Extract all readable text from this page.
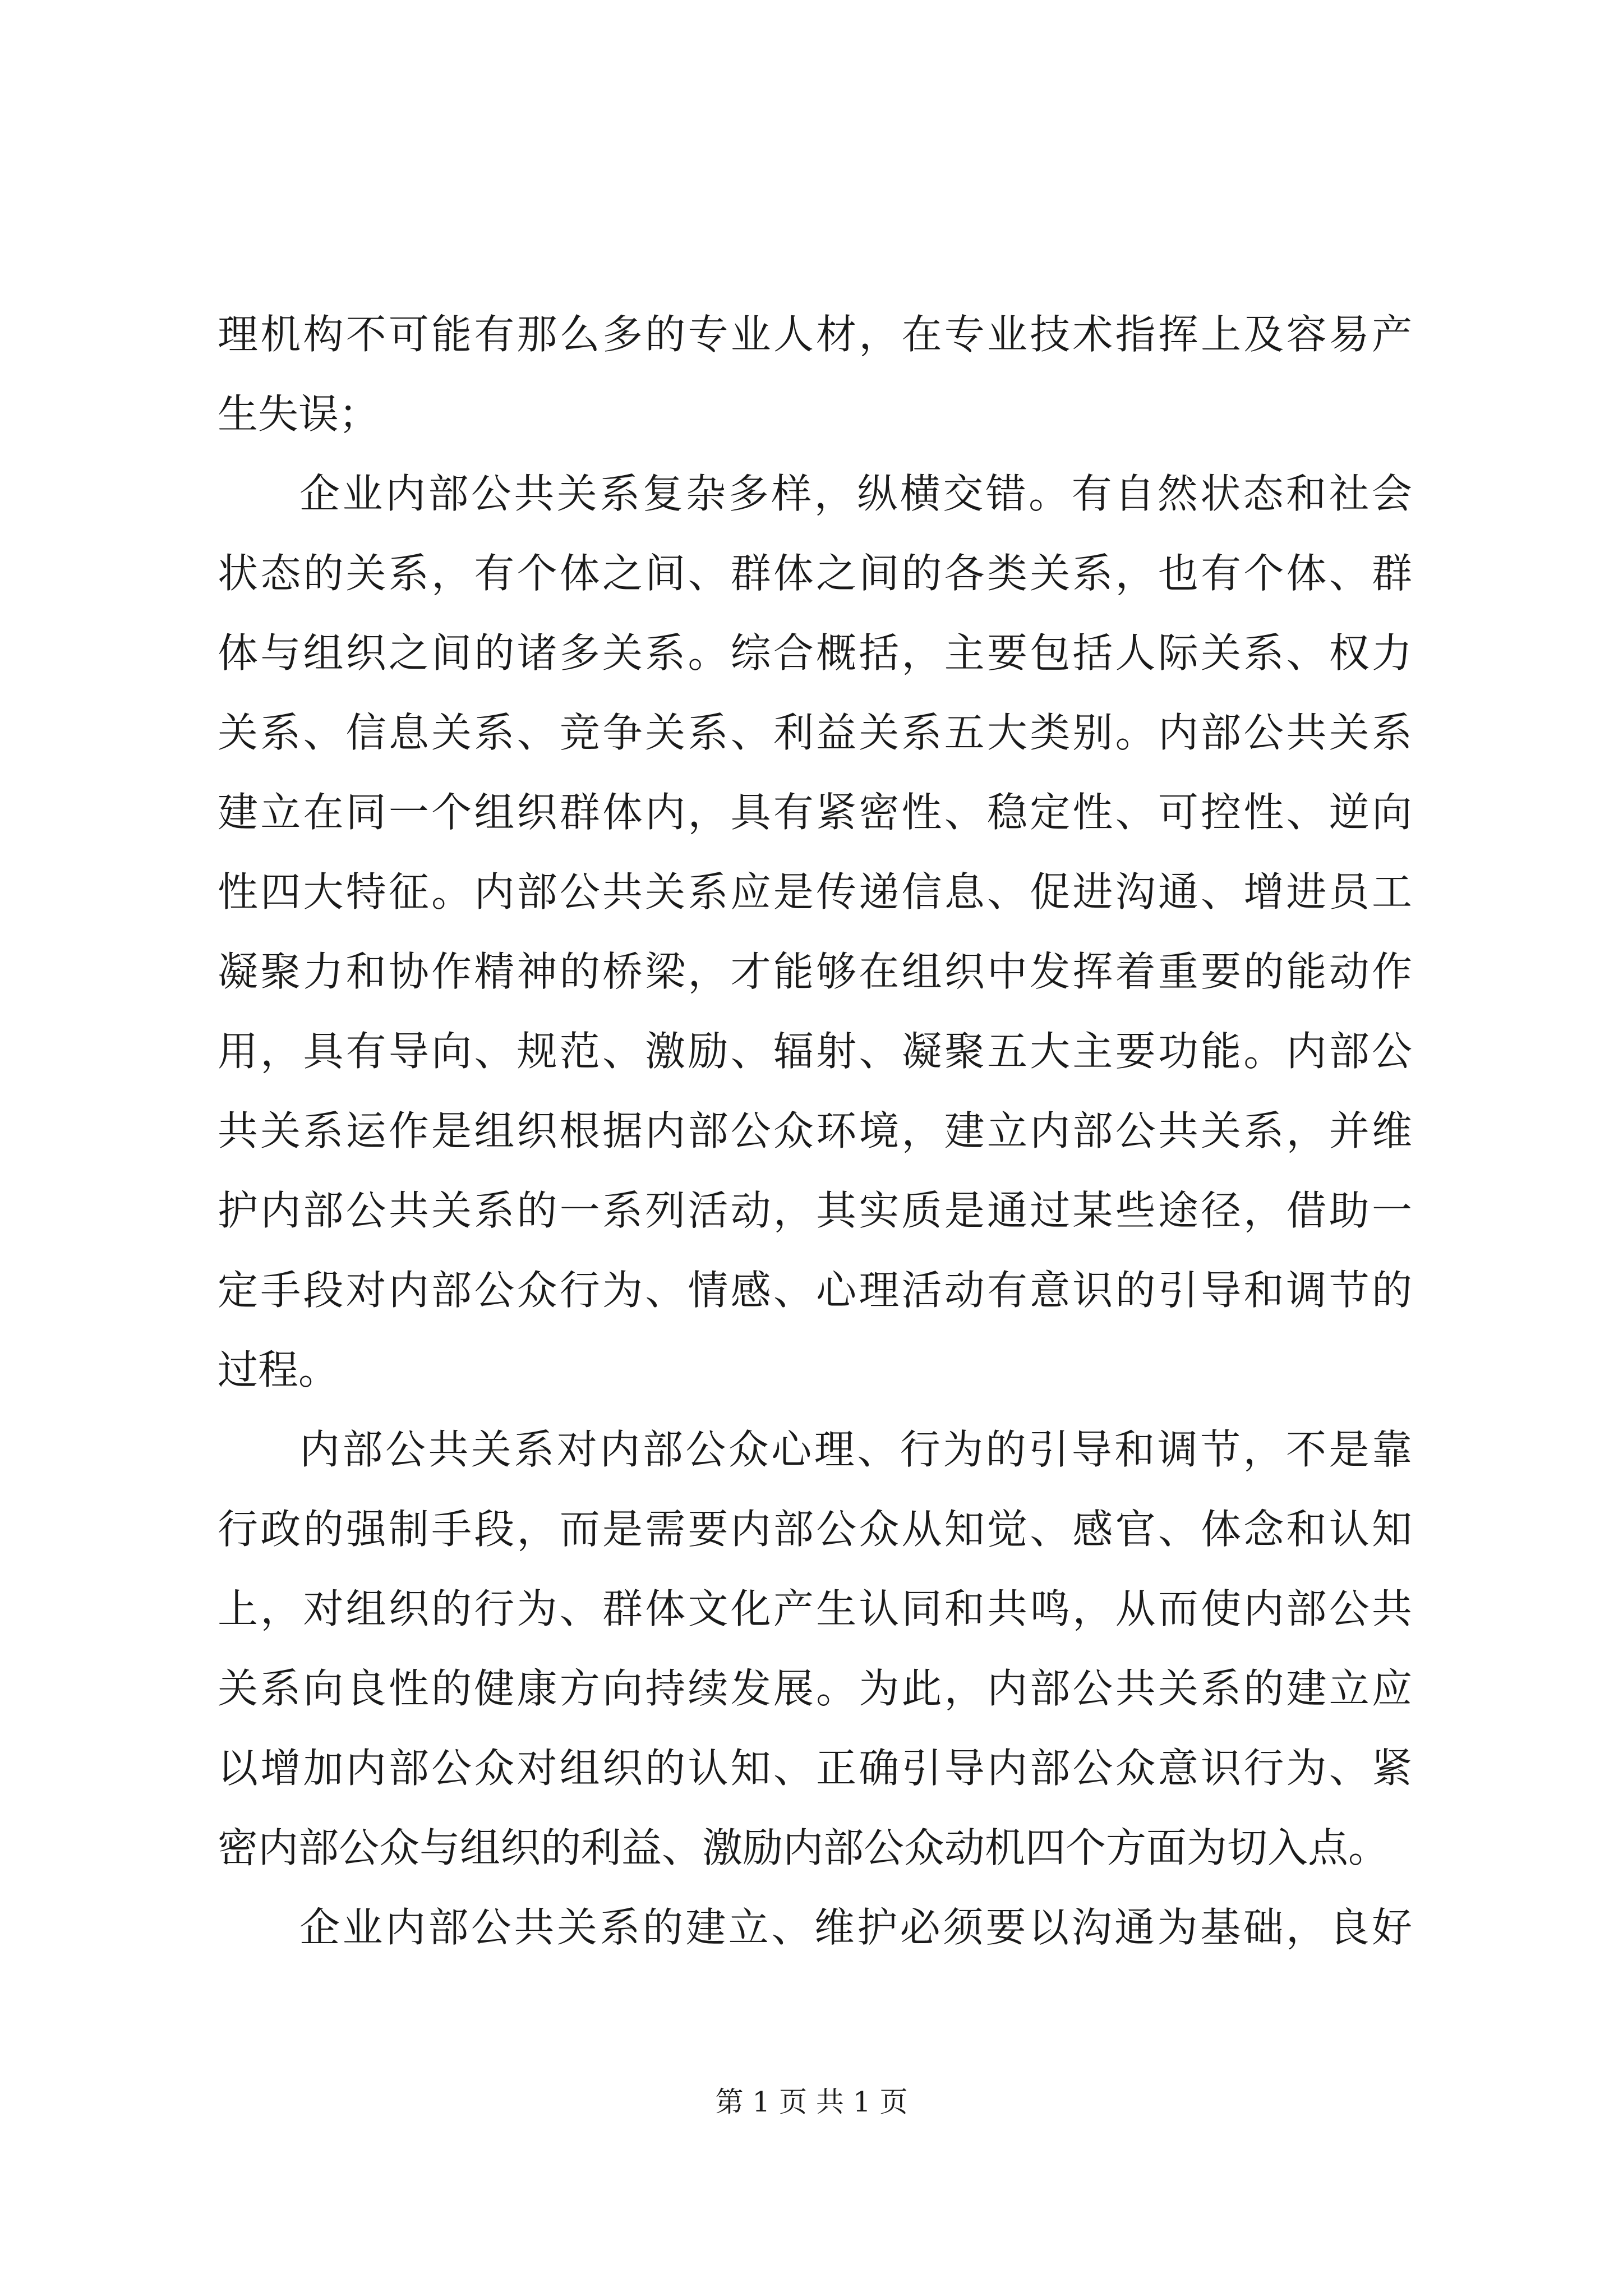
理机构不可能有那么多的专业人材，在专业技术指挥上及容易产
生失误；
企业内部公共关系复杂多样，纵横交错。有自然状态和社会
状态的关系，有个体之间、群体之间的各类关系，也有个体、群
体与组织之间的诸多关系。综合概括，主要包括人际关系、权力
关系、信息关系、竞争关系、利益关系五大类别。内部公共关系
建立在同一个组织群体内，具有紧密性、稳定性、可控性、逆向
性四大特征。内部公共关系应是传递信息、促进沟通、增进员工
凝聚力和协作精神的桥梁，才能够在组织中发挥着重要的能动作
用，具有导向、规范、激励、辐射、凝聚五大主要功能。内部公
共关系运作是组织根据内部公众环境，建立内部公共关系，并维
护内部公共关系的一系列活动，其实质是通过某些途径，借助一
定手段对内部公众行为、情感、心理活动有意识的引导和调节的
过程。
内部公共关系对内部公众心理、行为的引导和调节，不是靠
行政的强制手段，而是需要内部公众从知觉、感官、体念和认知
上，对组织的行为、群体文化产生认同和共鸣，从而使内部公共
关系向良性的健康方向持续发展。为此，内部公共关系的建立应
以增加内部公众对组织的认知、正确引导内部公众意识行为、紧
密内部公众与组织的利益、激励内部公众动机四个方面为切入点。
企业内部公共关系的建立、维护必须要以沟通为基础，良好
第 1 页 共 1 页
